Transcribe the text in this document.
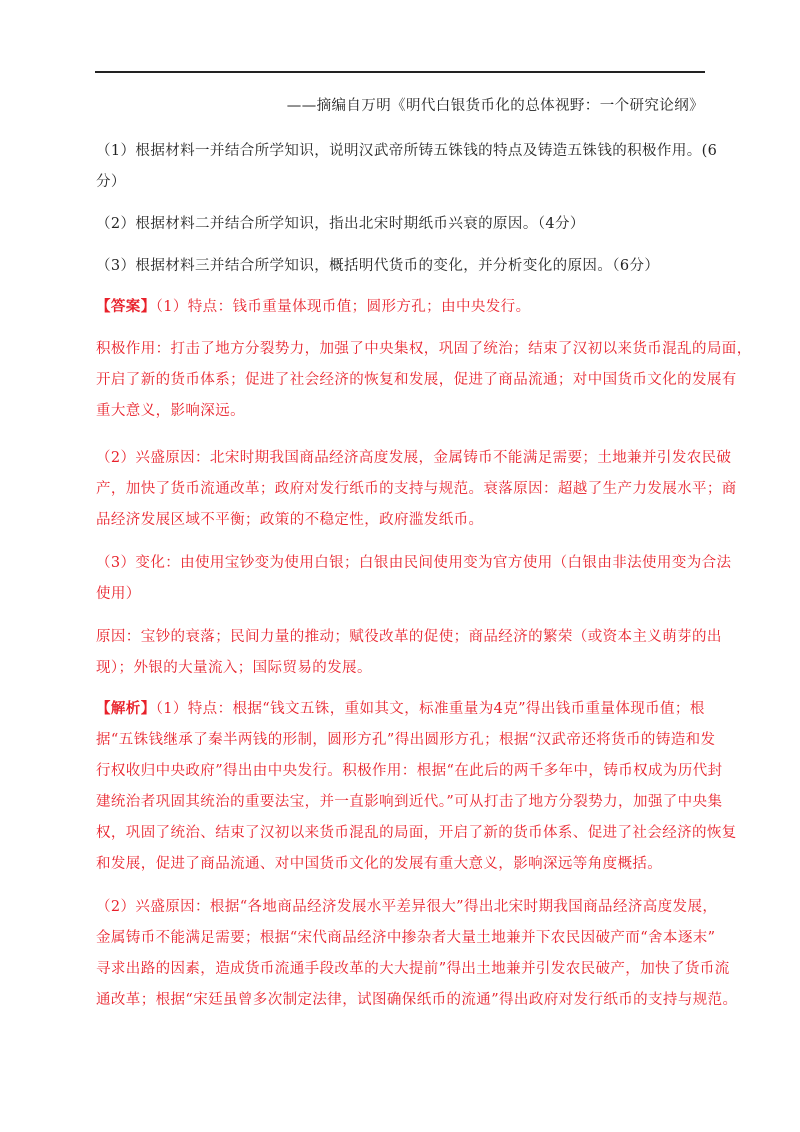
——摘编自万明《明代白银货币化的总体视野：一个研究论纲》
（1）根据材料一并结合所学知识，说明汉武帝所铸五铢钱的特点及铸造五铢钱的积极作用。(6
分）
（2）根据材料二并结合所学知识，指出北宋时期纸币兴衰的原因。（4分）
（3）根据材料三并结合所学知识，概括明代货币的变化，并分析变化的原因。（6分）
【答案】（1）特点：钱币重量体现币值；圆形方孔；由中央发行。
积极作用：打击了地方分裂势力，加强了中央集权，巩固了统治；结束了汉初以来货币混乱的局面，
开启了新的货币体系；促进了社会经济的恢复和发展，促进了商品流通；对中国货币文化的发展有
重大意义，影响深远。
（2）兴盛原因：北宋时期我国商品经济高度发展，金属铸币不能满足需要；土地兼并引发农民破
产，加快了货币流通改革；政府对发行纸币的支持与规范。衰落原因：超越了生产力发展水平；商
品经济发展区域不平衡；政策的不稳定性，政府滥发纸币。
（3）变化：由使用宝钞变为使用白银；白银由民间使用变为官方使用（白银由非法使用变为合法
使用）
原因：宝钞的衰落；民间力量的推动；赋役改革的促使；商品经济的繁荣（或资本主义萌芽的出
现）；外银的大量流入；国际贸易的发展。
【解析】（1）特点：根据“钱文五铢，重如其文，标准重量为4克”得出钱币重量体现币值；根
据“五铢钱继承了秦半两钱的形制，圆形方孔”得出圆形方孔；根据“汉武帝还将货币的铸造和发
行权收归中央政府”得出由中央发行。积极作用：根据“在此后的两千多年中，铸币权成为历代封
建统治者巩固其统治的重要法宝，并一直影响到近代。”可从打击了地方分裂势力，加强了中央集
权，巩固了统治、结束了汉初以来货币混乱的局面，开启了新的货币体系、促进了社会经济的恢复
和发展，促进了商品流通、对中国货币文化的发展有重大意义，影响深远等角度概括。
（2）兴盛原因：根据“各地商品经济发展水平差异很大”得出北宋时期我国商品经济高度发展，
金属铸币不能满足需要；根据“宋代商品经济中掺杂者大量土地兼并下农民因破产而“舍本逐末”
寻求出路的因素，造成货币流通手段改革的大大提前”得出土地兼并引发农民破产，加快了货币流
通改革；根据“宋廷虽曾多次制定法律，试图确保纸币的流通”得出政府对发行纸币的支持与规范。
